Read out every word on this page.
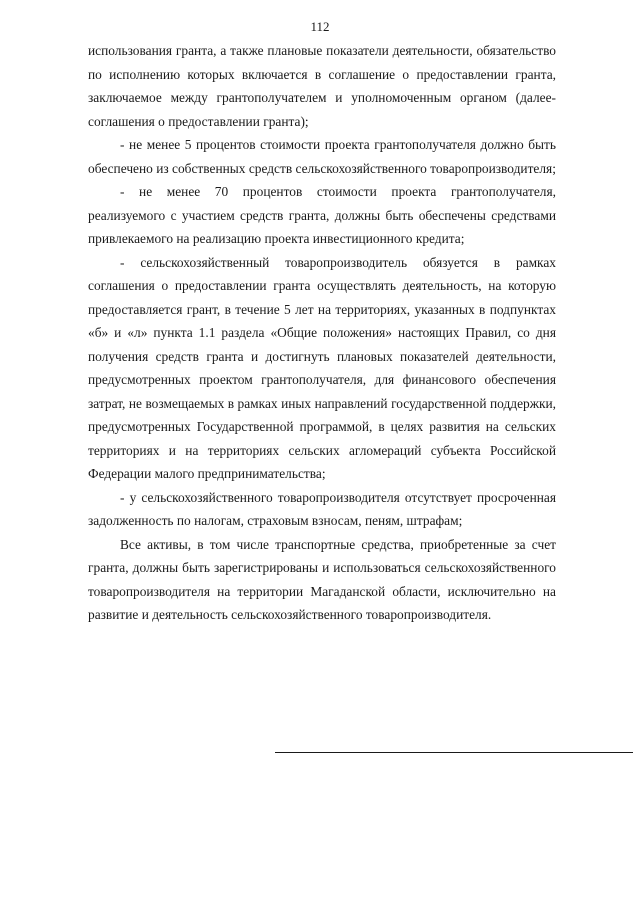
112

использования гранта, а также плановые показатели деятельности, обязательство по исполнению которых включается в соглашение о предоставлении гранта, заключаемое между грантополучателем и уполномоченным органом (далее- соглашения о предоставлении гранта);

- не менее 5 процентов стоимости проекта грантополучателя должно быть обеспечено из собственных средств сельскохозяйственного товаропроизводителя;

- не менее 70 процентов стоимости проекта грантополучателя, реализуемого с участием средств гранта, должны быть обеспечены средствами привлекаемого на реализацию проекта инвестиционного кредита;

- сельскохозяйственный товаропроизводитель обязуется в рамках соглашения о предоставлении гранта осуществлять деятельность, на которую предоставляется грант, в течение 5 лет на территориях, указанных в подпунктах «б» и «л» пункта 1.1 раздела «Общие положения» настоящих Правил, со дня получения средств гранта и достигнуть плановых показателей деятельности, предусмотренных проектом грантополучателя, для финансового обеспечения затрат, не возмещаемых в рамках иных направлений государственной поддержки, предусмотренных Государственной программой, в целях развития на сельских территориях и на территориях сельских агломераций субъекта Российской Федерации малого предпринимательства;

- у сельскохозяйственного товаропроизводителя отсутствует просроченная задолженность по налогам, страховым взносам, пеням, штрафам;

Все активы, в том числе транспортные средства, приобретенные за счет гранта, должны быть зарегистрированы и использоваться сельскохозяйственного товаропроизводителя на территории Магаданской области, исключительно на развитие и деятельность сельскохозяйственного товаропроизводителя.
